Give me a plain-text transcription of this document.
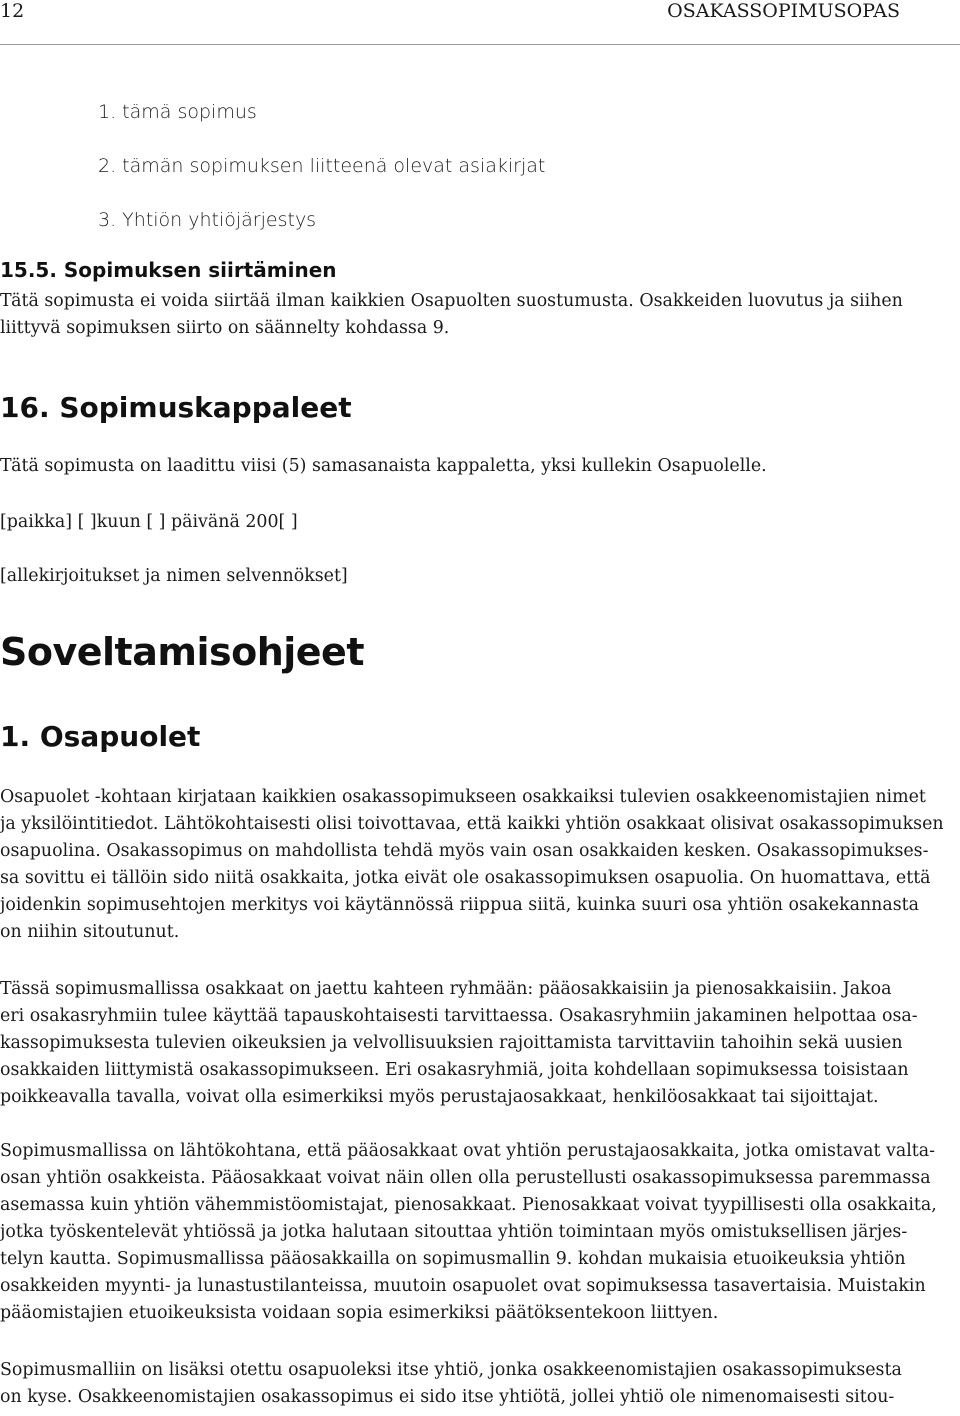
12	OSAKASSOPIMUSOPAS
1. tämä sopimus
2. tämän sopimuksen liitteenä olevat asiakirjat
3. Yhtiön yhtiöjärjestys
15.5. Sopimuksen siirtäminen

Tätä sopimusta ei voida siirtää ilman kaikkien Osapuolten suostumusta. Osakkeiden luovutus ja siihen
liittyvä sopimuksen siirto on säännelty kohdassa 9.

16. Sopimuskappaleet

Tätä sopimusta on laadittu viisi (5) samasanaista kappaletta, yksi kullekin Osapuolelle.

[paikka] [ ]kuun [ ] päivänä 200[ ]

[allekirjoitukset ja nimen selvennökset]

Soveltamisohjeet
1. Osapuolet

Osapuolet -kohtaan kirjataan kaikkien osakassopimukseen osakkaiksi tulevien osakkeenomistajien nimet
ja yksilöintitiedot. Lähtökohtaisesti olisi toivottavaa, että kaikki yhtiön osakkaat olisivat osakassopimuksen
osapuolina. Osakassopimus on mahdollista tehdä myös vain osan osakkaiden kesken. Osakassopimukses-
sa sovittu ei tällöin sido niitä osakkaita, jotka eivät ole osakassopimuksen osapuolia. On huomattava, että
joidenkin sopimusehtojen merkitys voi käytännössä riippua siitä, kuinka suuri osa yhtiön osakekannasta
on niihin sitoutunut.

Tässä sopimusmallissa osakkaat on jaettu kahteen ryhmään: pääosakkaisiin ja pienosakkaisiin. Jakoa
eri osakasryhmiin tulee käyttää tapauskohtaisesti tarvittaessa. Osakasryhmiin jakaminen helpottaa osa-
kassopimuksesta tulevien oikeuksien ja velvollisuuksien rajoittamista tarvittaviin tahoihin sekä uusien
osakkaiden liittymistä osakassopimukseen. Eri osakasryhmiä, joita kohdellaan sopimuksessa toisistaan
poikkeavalla tavalla, voivat olla esimerkiksi myös perustajaosakkaat, henkilöosakkaat tai sijoittajat.

Sopimusmallissa on lähtökohtana, että pääosakkaat ovat yhtiön perustajaosakkaita, jotka omistavat valta-
osan yhtiön osakkeista. Pääosakkaat voivat näin ollen olla perustellusti osakassopimuksessa paremmassa
asemassa kuin yhtiön vähemmistöomistajat, pienosakkaat. Pienosakkaat voivat tyypillisesti olla osakkaita,
jotka työskentelevät yhtiössä ja jotka halutaan sitouttaa yhtiön toimintaan myös omistuksellisen järjes-
telyn kautta. Sopimusmallissa pääosakkailla on sopimusmallin 9. kohdan mukaisia etuoikeuksia yhtiön
osakkeiden myynti- ja lunastustilanteissa, muutoin osapuolet ovat sopimuksessa tasavertaisia. Muistakin
pääomistajien etuoikeuksista voidaan sopia esimerkiksi päätöksentekoon liittyen.

Sopimusmalliin on lisäksi otettu osapuoleksi itse yhtiö, jonka osakkeenomistajien osakassopimuksesta
on kyse. Osakkeenomistajien osakassopimus ei sido itse yhtiötä, jollei yhtiö ole nimenomaisesti sitou-
